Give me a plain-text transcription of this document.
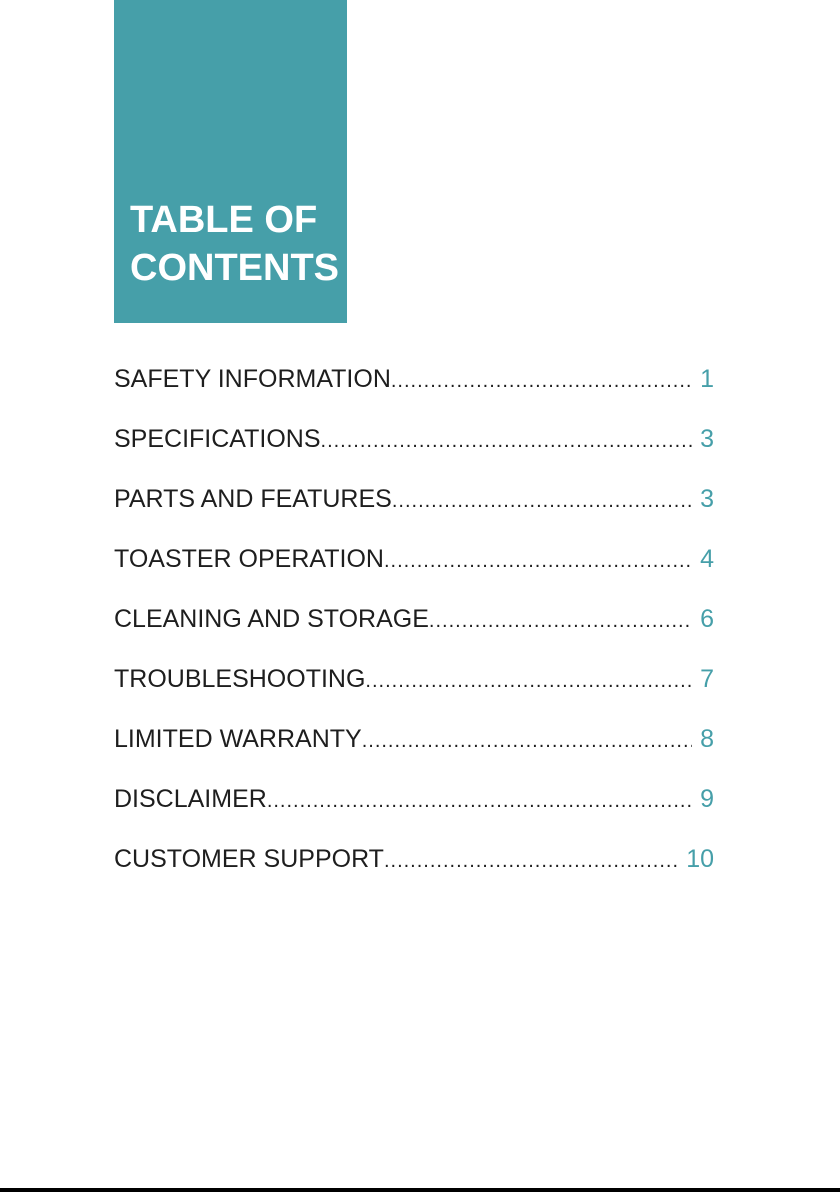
TABLE OF
CONTENTS
SAFETY INFORMATION .....	1
SPECIFICATIONS .....	3
PARTS AND FEATURES .....	3
TOASTER OPERATION .....	4
CLEANING AND STORAGE .....	6
TROUBLESHOOTING .....	7
LIMITED WARRANTY .....	8
DISCLAIMER .....	9
CUSTOMER SUPPORT .....	10
